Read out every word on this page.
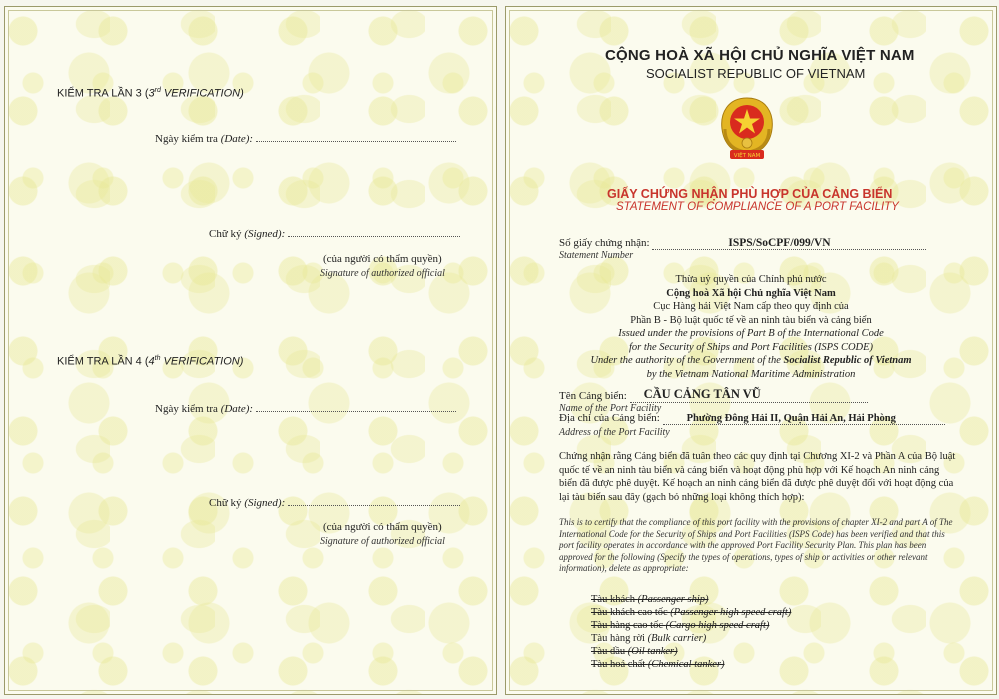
KIỂM TRA LẦN 3 (3rd VERIFICATION)
Ngày kiểm tra (Date):
Chữ ký (Signed):
(của người có thẩm quyền)
Signature of authorized official
KIỂM TRA LẦN 4 (4th VERIFICATION)
Ngày kiểm tra (Date):
Chữ ký (Signed):
(của người có thẩm quyền)
Signature of authorized official
CỘNG HOÀ XÃ HỘI CHỦ NGHĨA VIỆT NAM
SOCIALIST REPUBLIC OF VIETNAM
VIỆT NAM
GIẤY CHỨNG NHẬN PHÙ HỢP CỦA CẢNG BIỂN
STATEMENT OF COMPLIANCE OF A PORT FACILITY
Số giấy chứng nhận:	ISPS/SoCPF/099/VN

Statement Number
Thừa uỷ quyền của Chính phủ nước
Cộng hoà Xã hội Chủ nghĩa Việt Nam
Cục Hàng hải Việt Nam cấp theo quy định của
Phần B - Bộ luật quốc tế về an ninh tàu biển và cảng biển
Issued under the provisions of Part B of the International Code
for the Security of Ships and Port Facilities (ISPS CODE)
Under the authority of the Government of the Socialist Republic of Vietnam
by the Vietnam National Maritime Administration
Tên Cảng biển: CẦU CẢNG TÂN VŨ

Name of the Port Facility
Địa chỉ của Cảng biển:	Phường Đông Hải II, Quận Hải An, Hải Phòng

Address of the Port Facility
Chứng nhận rằng Cảng biển đã tuân theo các quy định tại Chương XI-2 và Phần A của Bộ luật quốc tế về an ninh tàu biển và cảng biển và hoạt động phù hợp với Kế hoạch An ninh cảng biển đã được phê duyệt. Kế hoạch an ninh cảng biển đã được phê duyệt đối với hoạt động của lại tàu biển sau đây (gạch bỏ những loại không thích hợp):
This is to certify that the compliance of this port facility with the provisions of chapter XI-2 and part A of The International Code for the Security of Ships and Port Facilities (ISPS Code) has been verified and that this port facility operates in accordance with the approved Port Facility Security Plan. This plan has been approved for the following (Specify the types of operations, types of ship or activities or other relevant information), delete as appropriate:
Tàu khách (Passenger ship)
Tàu khách cao tốc (Passenger high speed craft)
Tàu hàng cao tốc (Cargo high speed craft)
Tàu hàng rời (Bulk carrier)
Tàu dầu (Oil tanker)
Tàu hoá chất (Chemical tanker)
